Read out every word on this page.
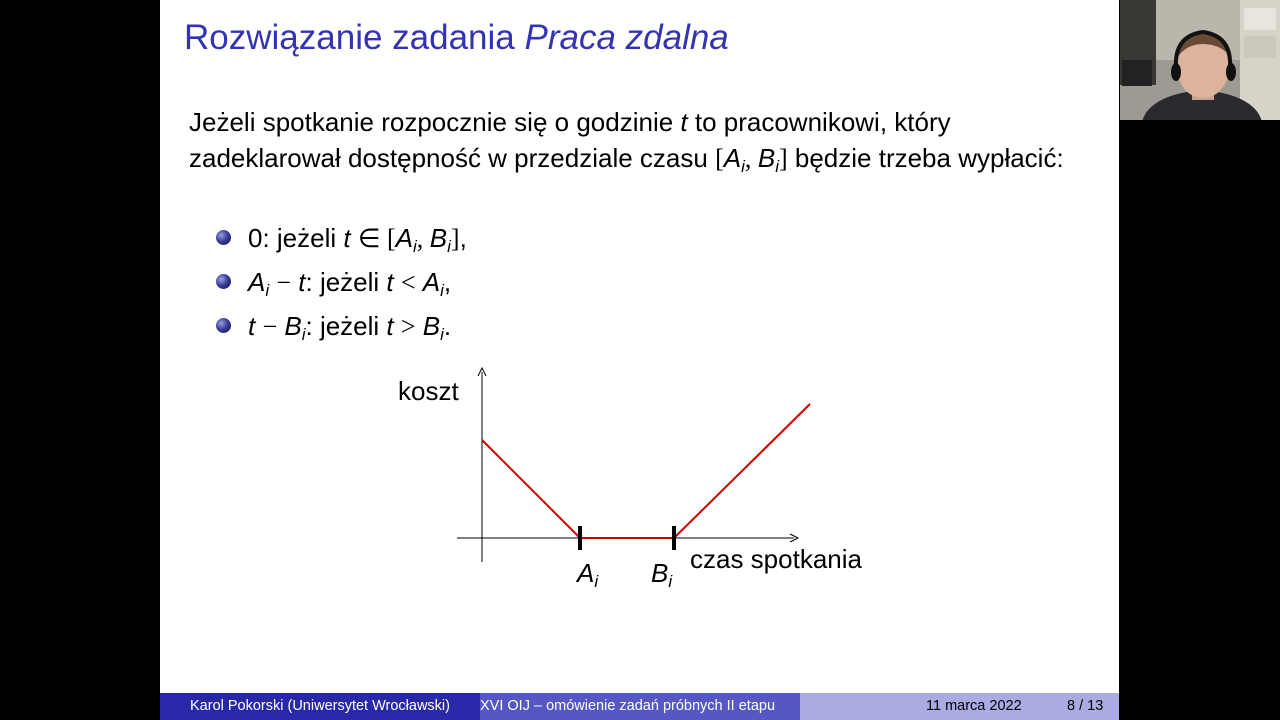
Rozwiązanie zadania Praca zdalna
Jeżeli spotkanie rozpocznie się o godzinie t to pracownikowi, który zadeklarował dostępność w przedziale czasu [$A_i$, $B_i$] będzie trzeba wypłacić:
0: jeżeli t ∈ [$A_i$, $B_i$],
$A_i - t$: jeżeli $t < A_i$,
$t - B_i$: jeżeli $t > B_i$.
koszt
czas spotkania
$A_i$ $B_i$
Karol Pokorski (Uniwersytet Wrocławski)	XVI OIJ – omówienie zadań próbnych II etapu	11 marca 2022	8 / 13
